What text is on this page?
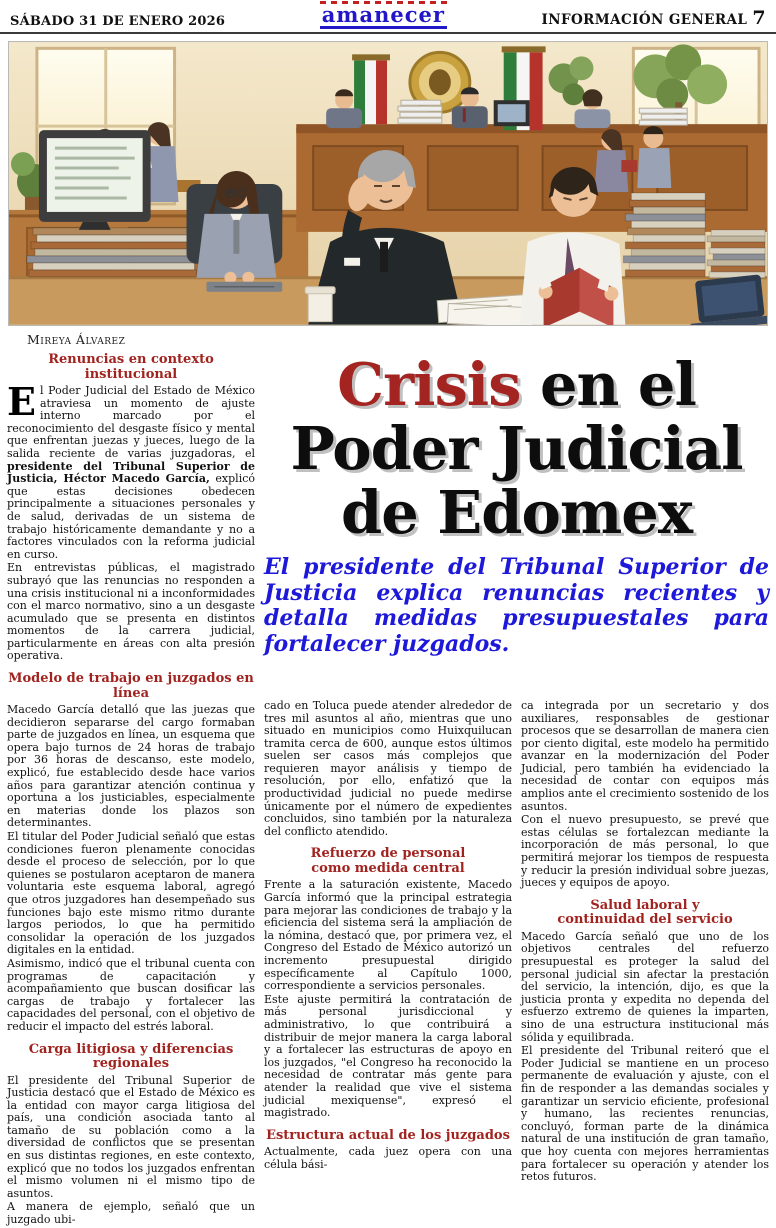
SÁBADO 31 DE ENERO 2026	amanecer	INFORMACIÓN GENERAL 7
Mireya Álvarez
Renuncias en contexto institucional

El Poder Judicial del Estado de México atraviesa un momento de ajuste interno marcado por el reconocimiento del desgaste físico y mental que enfrentan juezas y jueces, luego de la salida reciente de varias juzgadoras, el presidente del Tribunal Superior de Justicia, Héctor Macedo García, explicó que estas decisiones obedecen principalmente a situaciones personales y de salud, derivadas de un sistema de trabajo históricamente demandante y no a factores vinculados con la reforma judicial en curso.

En entrevistas públicas, el magistrado subrayó que las renuncias no responden a una crisis institucional ni a inconformidades con el marco normativo, sino a un desgaste acumulado que se presenta en distintos momentos de la carrera judicial, particularmente en áreas con alta presión operativa.

Modelo de trabajo en juzgados en línea

Macedo García detalló que las juezas que decidieron separarse del cargo formaban parte de juzgados en línea, un esquema que opera bajo turnos de 24 horas de trabajo por 36 horas de descanso, este modelo, explicó, fue establecido desde hace varios años para garantizar atención continua y oportuna a los justiciables, especialmente en materias donde los plazos son determinantes.

El titular del Poder Judicial señaló que estas condiciones fueron plenamente conocidas desde el proceso de selección, por lo que quienes se postularon aceptaron de manera voluntaria este esquema laboral, agregó que otros juzgadores han desempeñado sus funciones bajo este mismo ritmo durante largos periodos, lo que ha permitido consolidar la operación de los juzgados digitales en la entidad.

Asimismo, indicó que el tribunal cuenta con programas de capacitación y acompañamiento que buscan dosificar las cargas de trabajo y fortalecer las capacidades del personal, con el objetivo de reducir el impacto del estrés laboral.

Carga litigiosa y diferencias regionales

El presidente del Tribunal Superior de Justicia destacó que el Estado de México es la entidad con mayor carga litigiosa del país, una condición asociada tanto al tamaño de su población como a la diversidad de conflictos que se presentan en sus distintas regiones, en este contexto, explicó que no todos los juzgados enfrentan el mismo volumen ni el mismo tipo de asuntos.

A manera de ejemplo, señaló que un juzgado ubi-

Crisis en el
Poder Judicial
de Edomex
El presidente del Tribunal Superior de Justicia explica renuncias recientes y detalla medidas presupuestales para fortalecer juzgados.

cado en Toluca puede atender alrededor de tres mil asuntos al año, mientras que uno situado en municipios como Huixquilucan tramita cerca de 600, aunque estos últimos suelen ser casos más complejos que requieren mayor análisis y tiempo de resolución, por ello, enfatizó que la productividad judicial no puede medirse únicamente por el número de expedientes concluidos, sino también por la naturaleza del conflicto atendido.

Refuerzo de personal
como medida central

Frente a la saturación existente, Macedo García informó que la principal estrategia para mejorar las condiciones de trabajo y la eficiencia del sistema será la ampliación de la nómina, destacó que, por primera vez, el Congreso del Estado de México autorizó un incremento presupuestal dirigido específicamente al Capítulo 1000, correspondiente a servicios personales.

Este ajuste permitirá la contratación de más personal jurisdiccional y administrativo, lo que contribuirá a distribuir de mejor manera la carga laboral y a fortalecer las estructuras de apoyo en los juzgados, "el Congreso ha reconocido la necesidad de contratar más gente para atender la realidad que vive el sistema judicial mexiquense", expresó el magistrado.

Estructura actual de los juzgados

Actualmente, cada juez opera con una célula bási-

ca integrada por un secretario y dos auxiliares, responsables de gestionar procesos que se desarrollan de manera cien por ciento digital, este modelo ha permitido avanzar en la modernización del Poder Judicial, pero también ha evidenciado la necesidad de contar con equipos más amplios ante el crecimiento sostenido de los asuntos.

Con el nuevo presupuesto, se prevé que estas células se fortalezcan mediante la incorporación de más personal, lo que permitirá mejorar los tiempos de respuesta y reducir la presión individual sobre juezas, jueces y equipos de apoyo.

Salud laboral y
continuidad del servicio

Macedo García señaló que uno de los objetivos centrales del refuerzo presupuestal es proteger la salud del personal judicial sin afectar la prestación del servicio, la intención, dijo, es que la justicia pronta y expedita no dependa del esfuerzo extremo de quienes la imparten, sino de una estructura institucional más sólida y equilibrada.

El presidente del Tribunal reiteró que el Poder Judicial se mantiene en un proceso permanente de evaluación y ajuste, con el fin de responder a las demandas sociales y garantizar un servicio eficiente, profesional y humano, las recientes renuncias, concluyó, forman parte de la dinámica natural de una institución de gran tamaño, que hoy cuenta con mejores herramientas para fortalecer su operación y atender los retos futuros.
